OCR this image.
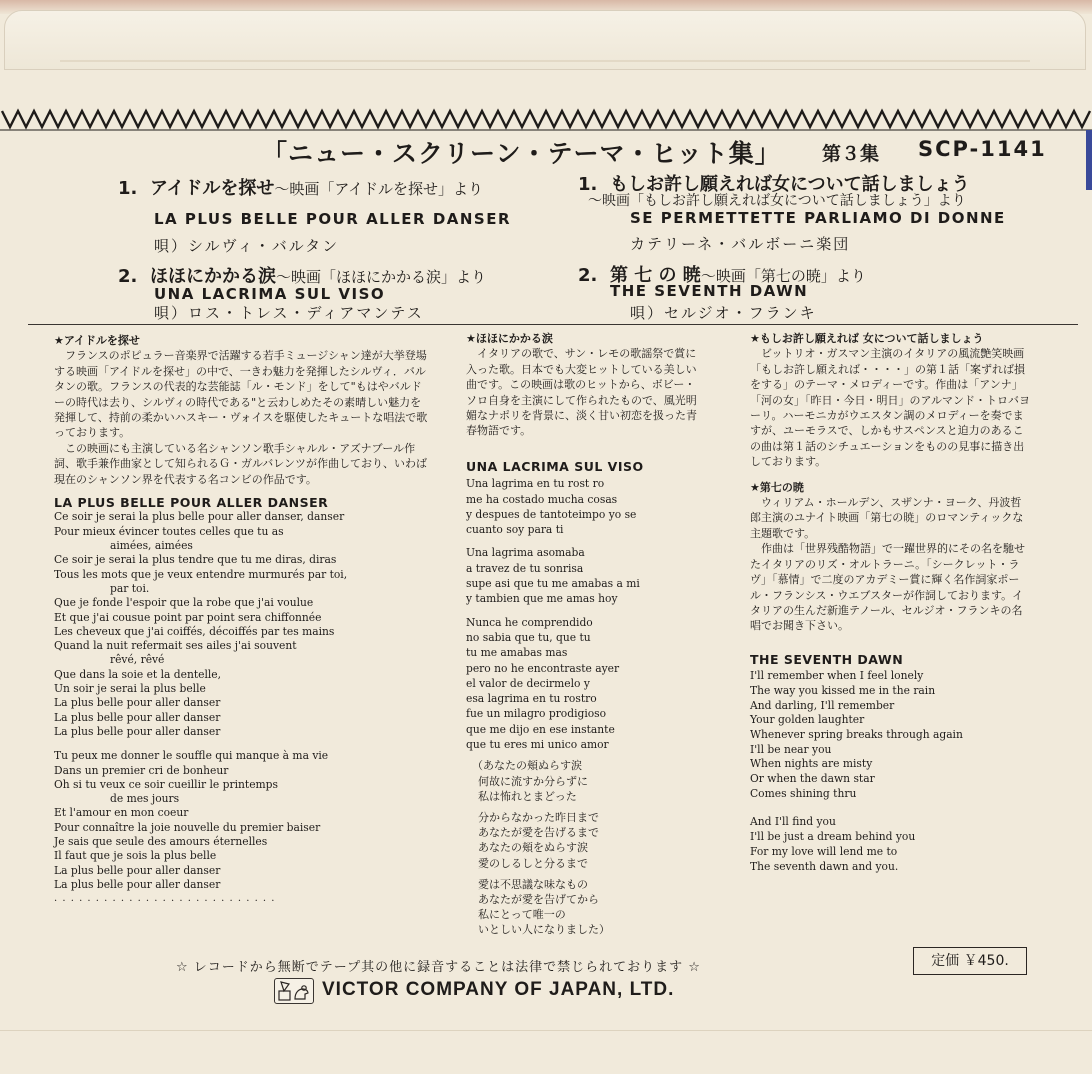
「ニュー・スクリーン・テーマ・ヒット集」 第３集 SCP-1141
1. アイドルを探せ～映画「アイドルを探せ」より
LA PLUS BELLE POUR ALLER DANSER
唄）シルヴィ・バルタン
2. ほほにかかる涙～映画「ほほにかかる涙」より
UNA LACRIMA SUL VISO
唄）ロス・トレス・ディアマンテス
1. もしお許し願えれば女について話しましょう
～映画「もしお許し願えれば女について話しましょう」より
SE PERMETTETTE PARLIAMO DI DONNE
カテリーネ・バルボーニ楽団
2. 第 七 の 暁～映画「第七の暁」より
THE SEVENTH DAWN
唄）セルジオ・フランキ
★アイドルを探せ

フランスのポピュラー音楽界で活躍する若手ミュージシャン達が大挙登場する映画「アイドルを探せ」の中で、一きわ魅力を発揮したシルヴィ．バルタンの歌。フランスの代表的な芸能誌「ル・モンド」をして"もはやバルドーの時代は去り、シルヴィの時代である"と云わしめたその素晴しい魅力を発揮して、持前の柔かいハスキー・ヴォイスを駆使したキュートな唱法で歌っております。

この映画にも主演している名シャンソン歌手シャルル・アズナブール作詞、歌手兼作曲家として知られるＧ・ガルバレンツが作曲しており、いわば現在のシャンソン界を代表する名コンビの作品です。

LA PLUS BELLE POUR ALLER DANSER
Ce soir je serai la plus belle pour aller danser, danser
Pour mieux évincer toutes celles que tu as
aimées, aimées
Ce soir je serai la plus tendre que tu me diras, diras
Tous les mots que je veux entendre murmurés par toi,
par toi.
Que je fonde l'espoir que la robe que j'ai voulue
Et que j'ai cousue point par point sera chiffonnée
Les cheveux que j'ai coiffés, décoiffés par tes mains
Quand la nuit refermait ses ailes j'ai souvent
rêvé, rêvé
Que dans la soie et la dentelle,
Un soir je serai la plus belle
La plus belle pour aller danser
La plus belle pour aller danser
La plus belle pour aller danser
Tu peux me donner le souffle qui manque à ma vie
Dans un premier cri de bonheur
Oh si tu veux ce soir cueillir le printemps
de mes jours
Et l'amour en mon coeur
Pour connaître la joie nouvelle du premier baiser
Je sais que seule des amours éternelles
Il faut que je sois la plus belle
La plus belle pour aller danser
La plus belle pour aller danser
. . . . . . . . . . . . . . . . . . . . . . . . . . .
★ほほにかかる涙

イタリアの歌で、サン・レモの歌謡祭で賞に入った歌。日本でも大変ヒットしている美しい曲です。この映画は歌のヒットから、ボビー・ソロ自身を主演にして作られたもので、風光明媚なナポリを背景に、淡く甘い初恋を扱った青春物語です。

UNA LACRIMA SUL VISO
Una lagrima en tu rost ro
me ha costado mucha cosas
y despues de tantoteimpo yo se
cuanto soy para ti
Una lagrima asomaba
a travez de tu sonrisa
supe asi que tu me amabas a mi
y tambien que me amas hoy
Nunca he comprendido
no sabia que tu, que tu
tu me amabas mas
pero no he encontraste ayer
el valor de decirmelo y
esa lagrima en tu rostro
fue un milagro prodigioso
que me dijo en ese instante
que tu eres mi unico amor
（あなたの頬ぬらす涙
何故に流すか分らずに
私は怖れとまどった
分からなかった昨日まで
あなたが愛を告げるまで
あなたの頬をぬらす涙
愛のしるしと分るまで
愛は不思議な味なもの
あなたが愛を告げてから
私にとって唯一の
いとしい人になりました）
★もしお許し願えれば 女について話しましょう

ビットリオ・ガスマン主演のイタリアの風流艶笑映画「もしお許し願えれば・・・・」の第１話「案ずれば損をする」のテーマ・メロディーです。作曲は「アンナ」「河の女」「昨日・今日・明日」のアルマンド・トロバヨーリ。ハーモニカがウエスタン調のメロディーを奏でますが、ユーモラスで、しかもサスペンスと迫力のあるこの曲は第１話のシチュエーションをものの見事に描き出しております。

★第七の暁

ウィリアム・ホールデン、スザンナ・ヨーク、丹波哲郎主演のユナイト映画「第七の暁」のロマンティックな主題歌です。

作曲は「世界残酷物語」で一躍世界的にその名を馳せたイタリアのリズ・オルトラーニ。「シークレット・ラヴ」「慕情」で二度のアカデミー賞に輝く名作詞家ポール・フランシス・ウエブスターが作詞しております。イタリアの生んだ新進テノール、セルジオ・フランキの名唱でお聞き下さい。

THE SEVENTH DAWN
I'll remember when I feel lonely
The way you kissed me in the rain
And darling, I'll remember
Your golden laughter
Whenever spring breaks through again
I'll be near you
When nights are misty
Or when the dawn star
Comes shining thru
And I'll find you
I'll be just a dream behind you
For my love will lend me to
The seventh dawn and you.
☆ レコードから無断でテープ其の他に録音することは法律で禁じられております ☆	定価 ￥450.
VICTOR COMPANY OF JAPAN, LTD.
